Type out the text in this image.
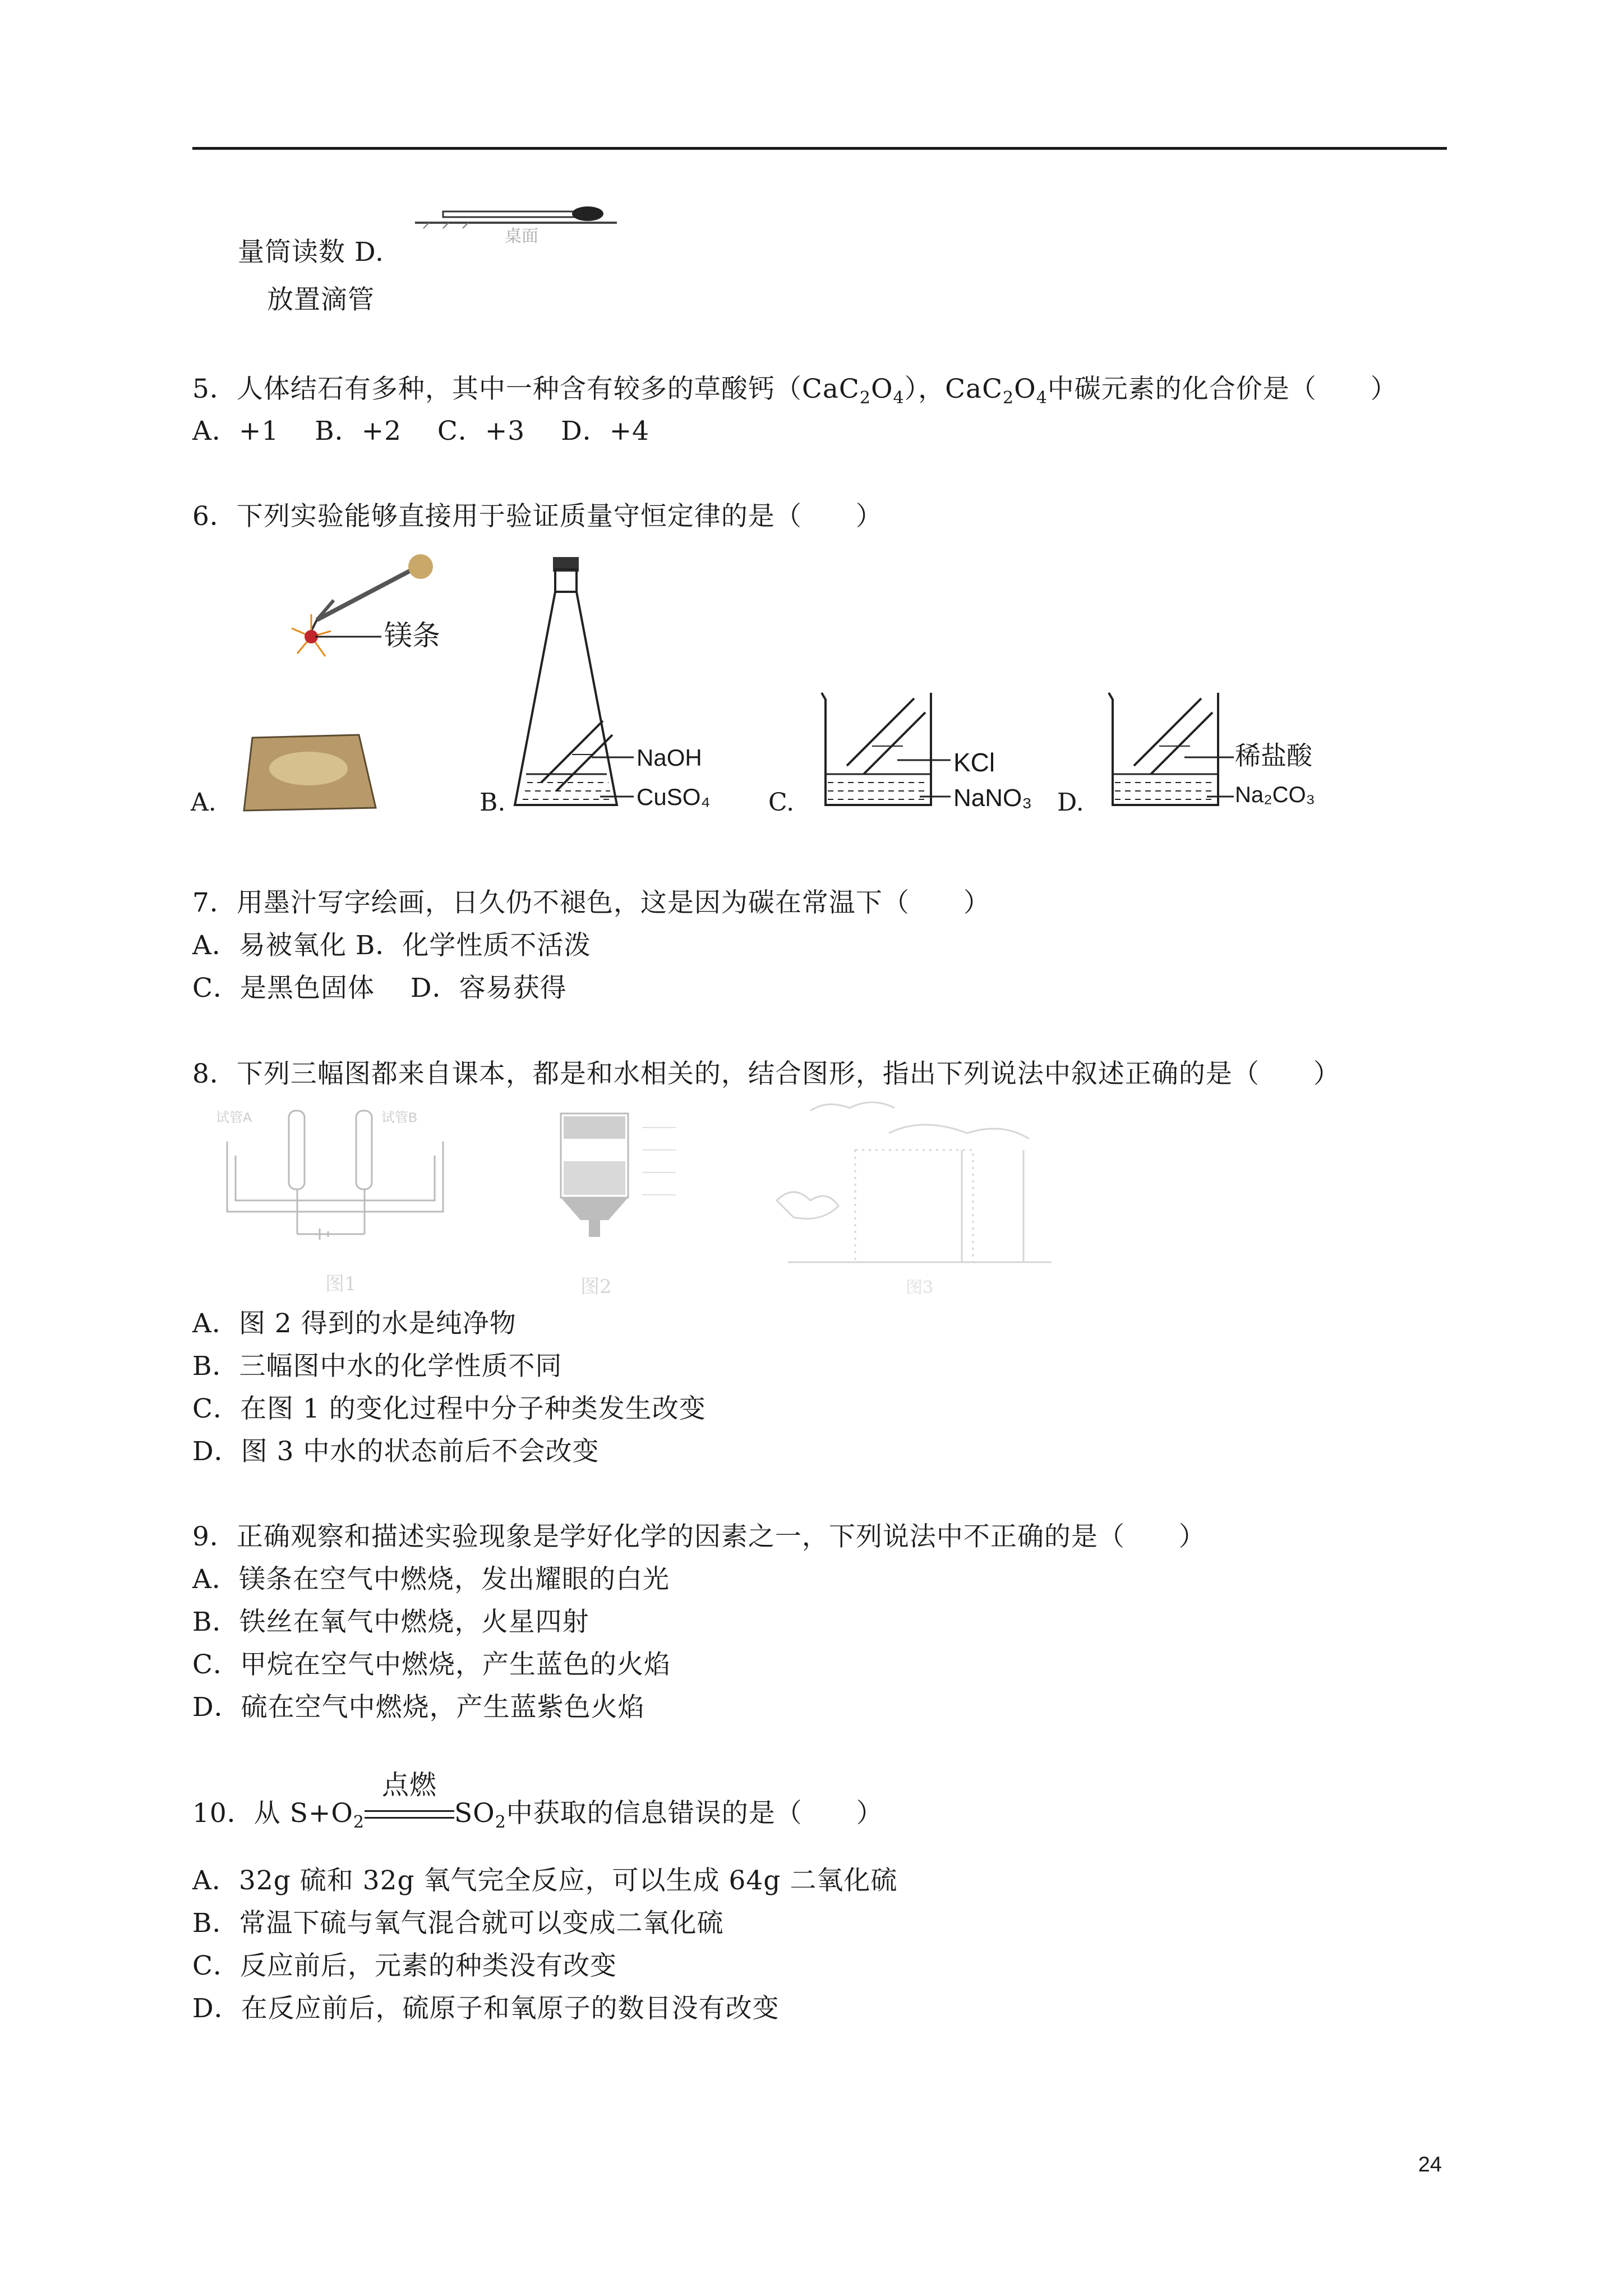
量筒读数 D.
桌面
放置滴管
5．人体结石有多种，其中一种含有较多的草酸钙$(CaC_2O_4)$，$CaC_2O_4$中碳元素的化合价是（　　）
A．+1　 B．+2　 C．+3　 D．+4
6．下列实验能够直接用于验证质量守恒定律的是（　　）
A.
镁条
B.
NaOH
CuSO₄ C.
KCl
NaNO₃ D.
稀盐酸
Na₂CO₃
7．用墨汁写字绘画，日久仍不褪色，这是因为碳在常温下（　　）
A．易被氧化 B．化学性质不活泼
C．是黑色固体　 D．容易获得
8．下列三幅图都来自课本，都是和水相关的，结合图形，指出下列说法中叙述正确的是（　　）
试管A	试管B
图1	图2	图3
A．图 2 得到的水是纯净物
B．三幅图中水的化学性质不同
C．在图 1 的变化过程中分子种类发生改变
D．图 3 中水的状态前后不会改变
9．正确观察和描述实验现象是学好化学的因素之一，下列说法中不正确的是（　　）
A．镁条在空气中燃烧，发出耀眼的白光
B．铁丝在氧气中燃烧，火星四射
C．甲烷在空气中燃烧，产生蓝色的火焰
D．硫在空气中燃烧，产生蓝紫色火焰
10．从 $S+O_2$
点燃
$SO_2$中获取的信息错误的是（　　）
A．32g 硫和 32g 氧气完全反应，可以生成 64g 二氧化硫
B．常温下硫与氧气混合就可以变成二氧化硫
C．反应前后，元素的种类没有改变
D．在反应前后，硫原子和氧原子的数目没有改变
24
